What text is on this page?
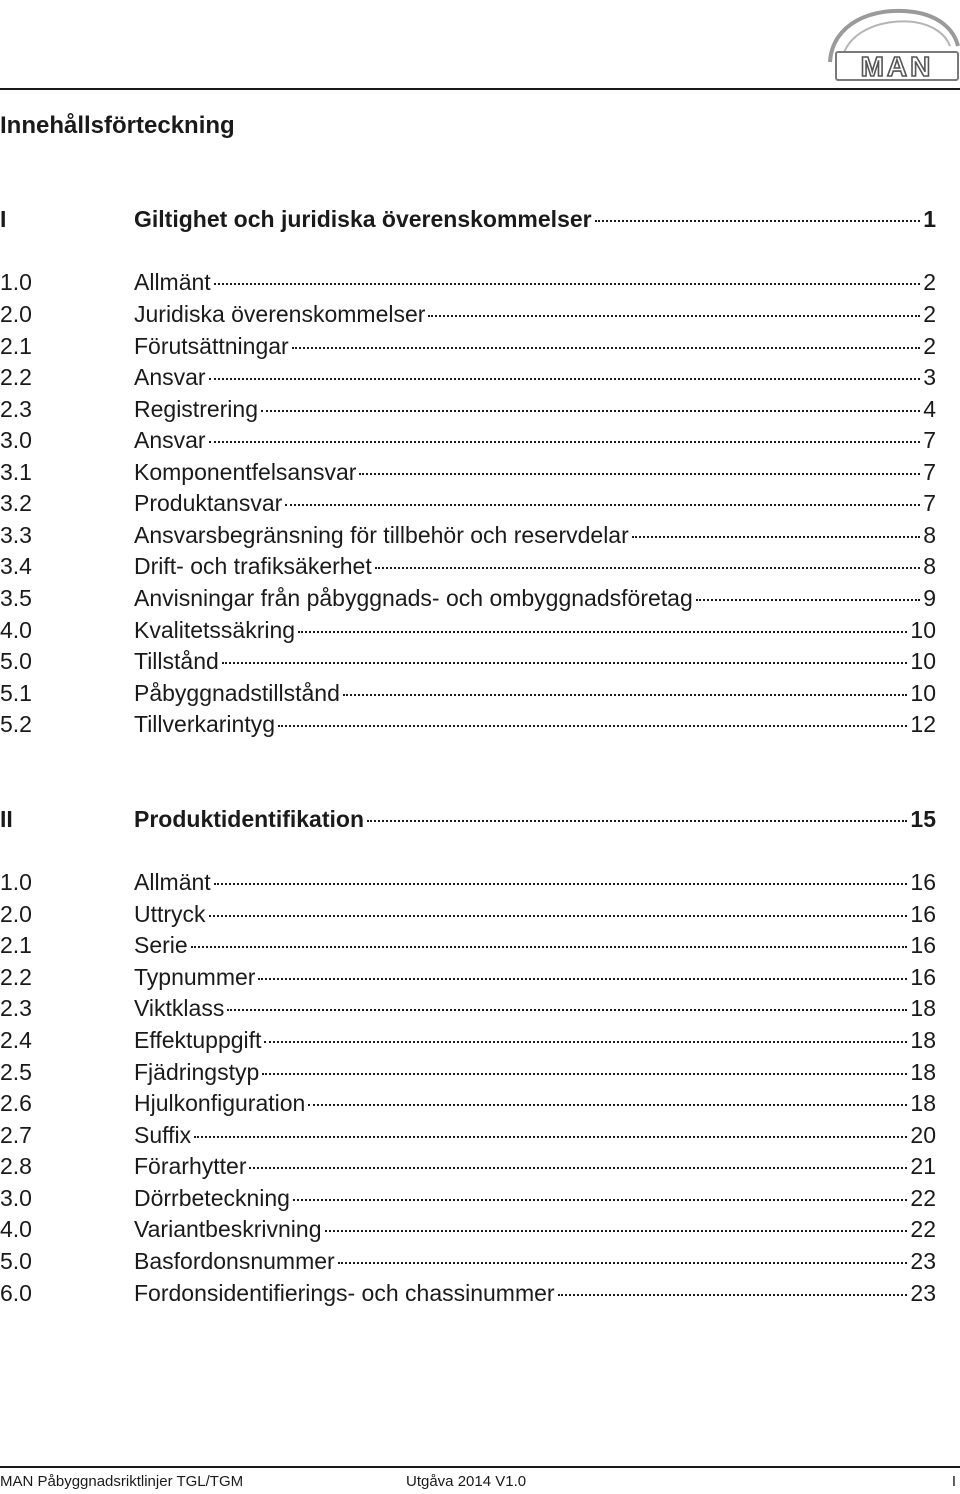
MAN
Innehållsförteckning
I	Giltighet och juridiska överenskommelser	1
1.0	Allmänt	2
2.0	Juridiska överenskommelser	2
2.1	Förutsättningar	2
2.2	Ansvar	3
2.3	Registrering	4
3.0	Ansvar	7
3.1	Komponentfelsansvar	7
3.2	Produktansvar	7
3.3	Ansvarsbegränsning för tillbehör och reservdelar	8
3.4	Drift- och trafiksäkerhet	8
3.5	Anvisningar från påbyggnads- och ombyggnadsföretag	9
4.0	Kvalitetssäkring	10
5.0	Tillstånd	10
5.1	Påbyggnadstillstånd	10
5.2	Tillverkarintyg	12
II	Produktidentifikation	15
1.0	Allmänt	16
2.0	Uttryck	16
2.1	Serie	16
2.2	Typnummer	16
2.3	Viktklass	18
2.4	Effektuppgift	18
2.5	Fjädringstyp	18
2.6	Hjulkonfiguration	18
2.7	Suffix	20
2.8	Förarhytter	21
3.0	Dörrbeteckning	22
4.0	Variantbeskrivning	22
5.0	Basfordonsnummer	23
6.0	Fordonsidentifierings- och chassinummer	23
MAN Påbyggnadsriktlinjer TGL/TGM	Utgåva 2014 V1.0	I
